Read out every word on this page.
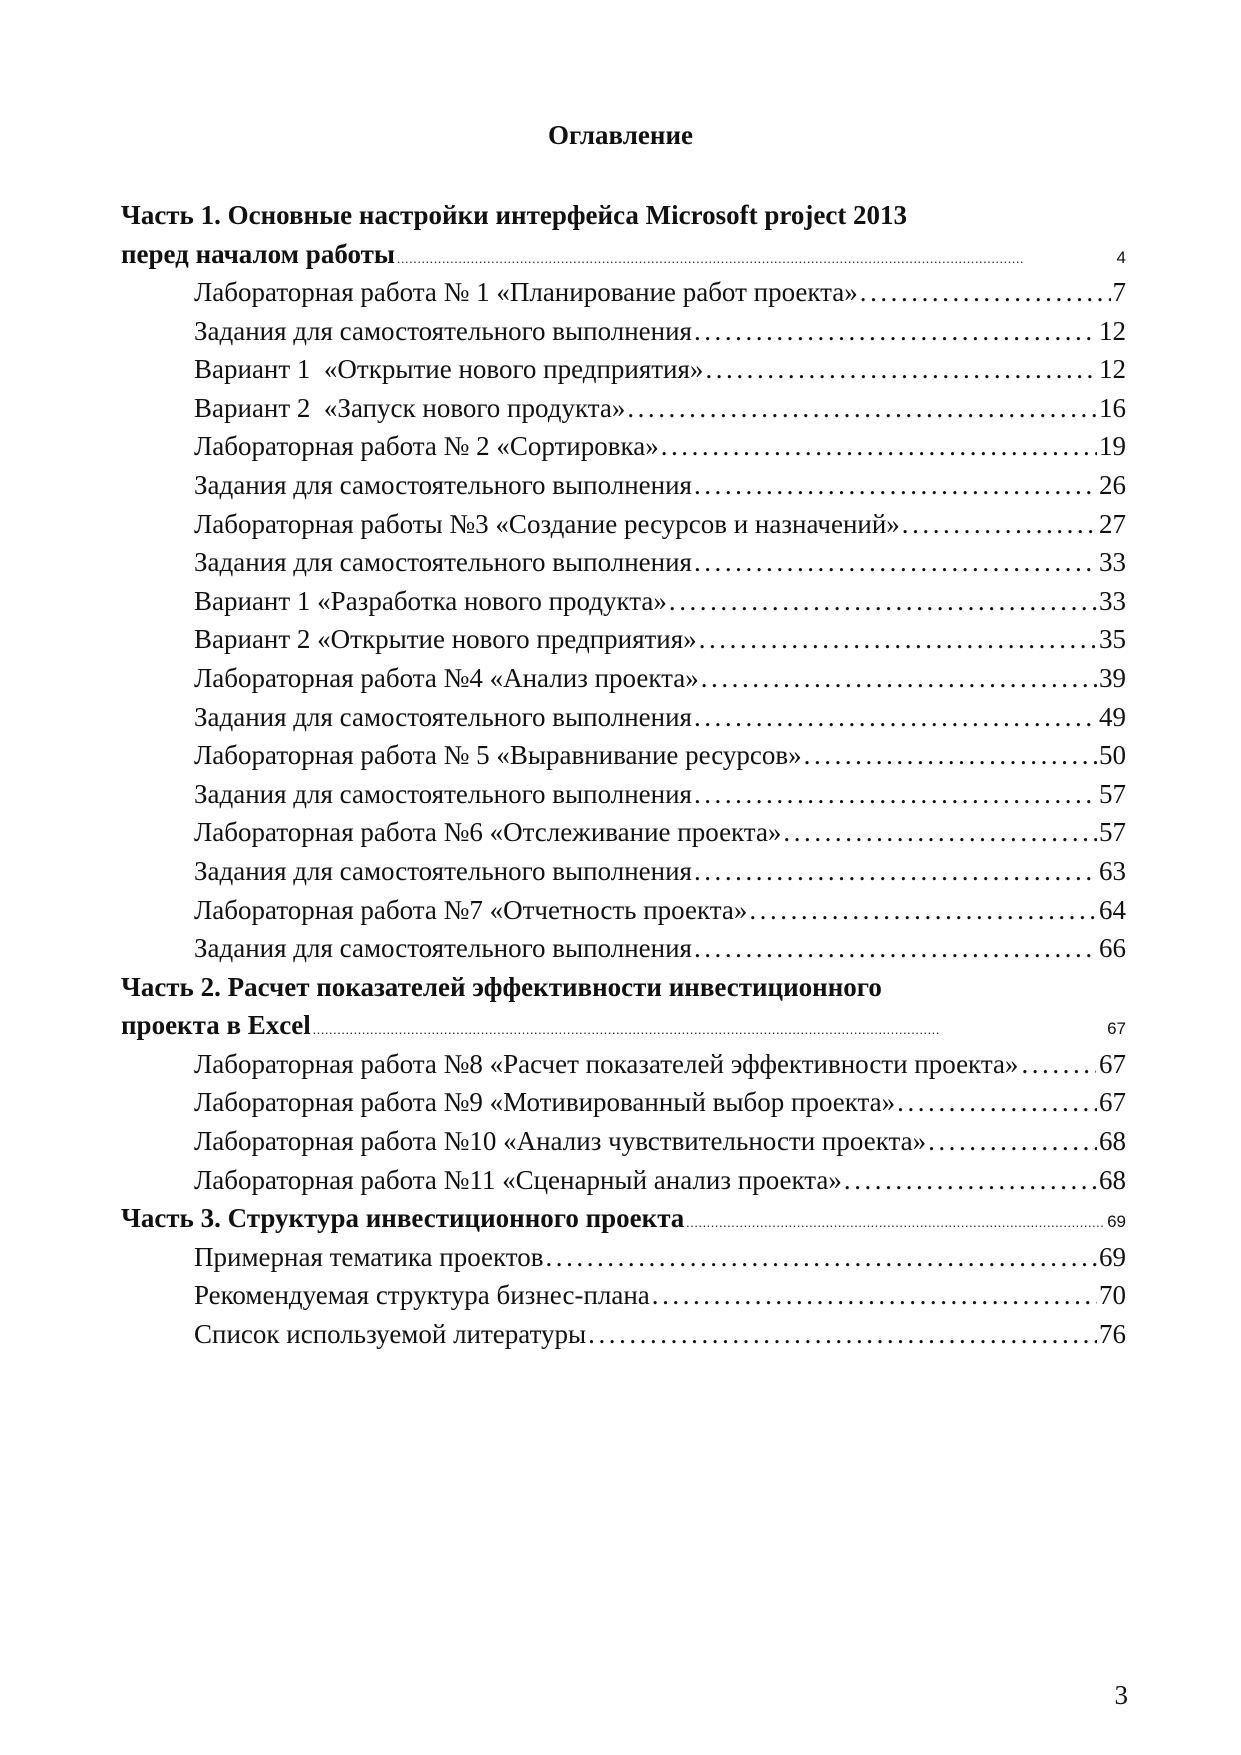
Оглавление
Часть 1. Основные настройки интерфейса Microsoft project 2013
перед началом работы . . .	4
Лабораторная работа № 1 «Планирование работ проекта» . . .	7
Задания для самостоятельного выполнения . . .	12
Вариант 1  «Открытие нового предприятия» . . .	12
Вариант 2  «Запуск нового продукта» . . .	16
Лабораторная работа № 2 «Сортировка» . . .	19
Задания для самостоятельного выполнения . . .	26
Лабораторная работы №3 «Создание ресурсов и назначений» . . .	27
Задания для самостоятельного выполнения . . .	33
Вариант 1 «Разработка нового продукта» . . .	33
Вариант 2 «Открытие нового предприятия» . . .	35
Лабораторная работа №4 «Анализ проекта» . . .	39
Задания для самостоятельного выполнения . . .	49
Лабораторная работа № 5 «Выравнивание ресурсов» . . .	50
Задания для самостоятельного выполнения . . .	57
Лабораторная работа №6 «Отслеживание проекта» . . .	57
Задания для самостоятельного выполнения . . .	63
Лабораторная работа №7 «Отчетность проекта» . . .	64
Задания для самостоятельного выполнения . . .	66
Часть 2. Расчет показателей эффективности инвестиционного
проекта в Excel . . .	67
Лабораторная работа №8 «Расчет показателей эффективности проекта» . . .	67
Лабораторная работа №9 «Мотивированный выбор проекта» . . .	67
Лабораторная работа №10 «Анализ чувствительности проекта» . . .	68
Лабораторная работа №11 «Сценарный анализ проекта» . . .	68
Часть 3. Структура инвестиционного проекта . . .	69
Примерная тематика проектов . . .	69
Рекомендуемая структура бизнес-плана . . .	70
Список используемой литературы . . .	76
3
